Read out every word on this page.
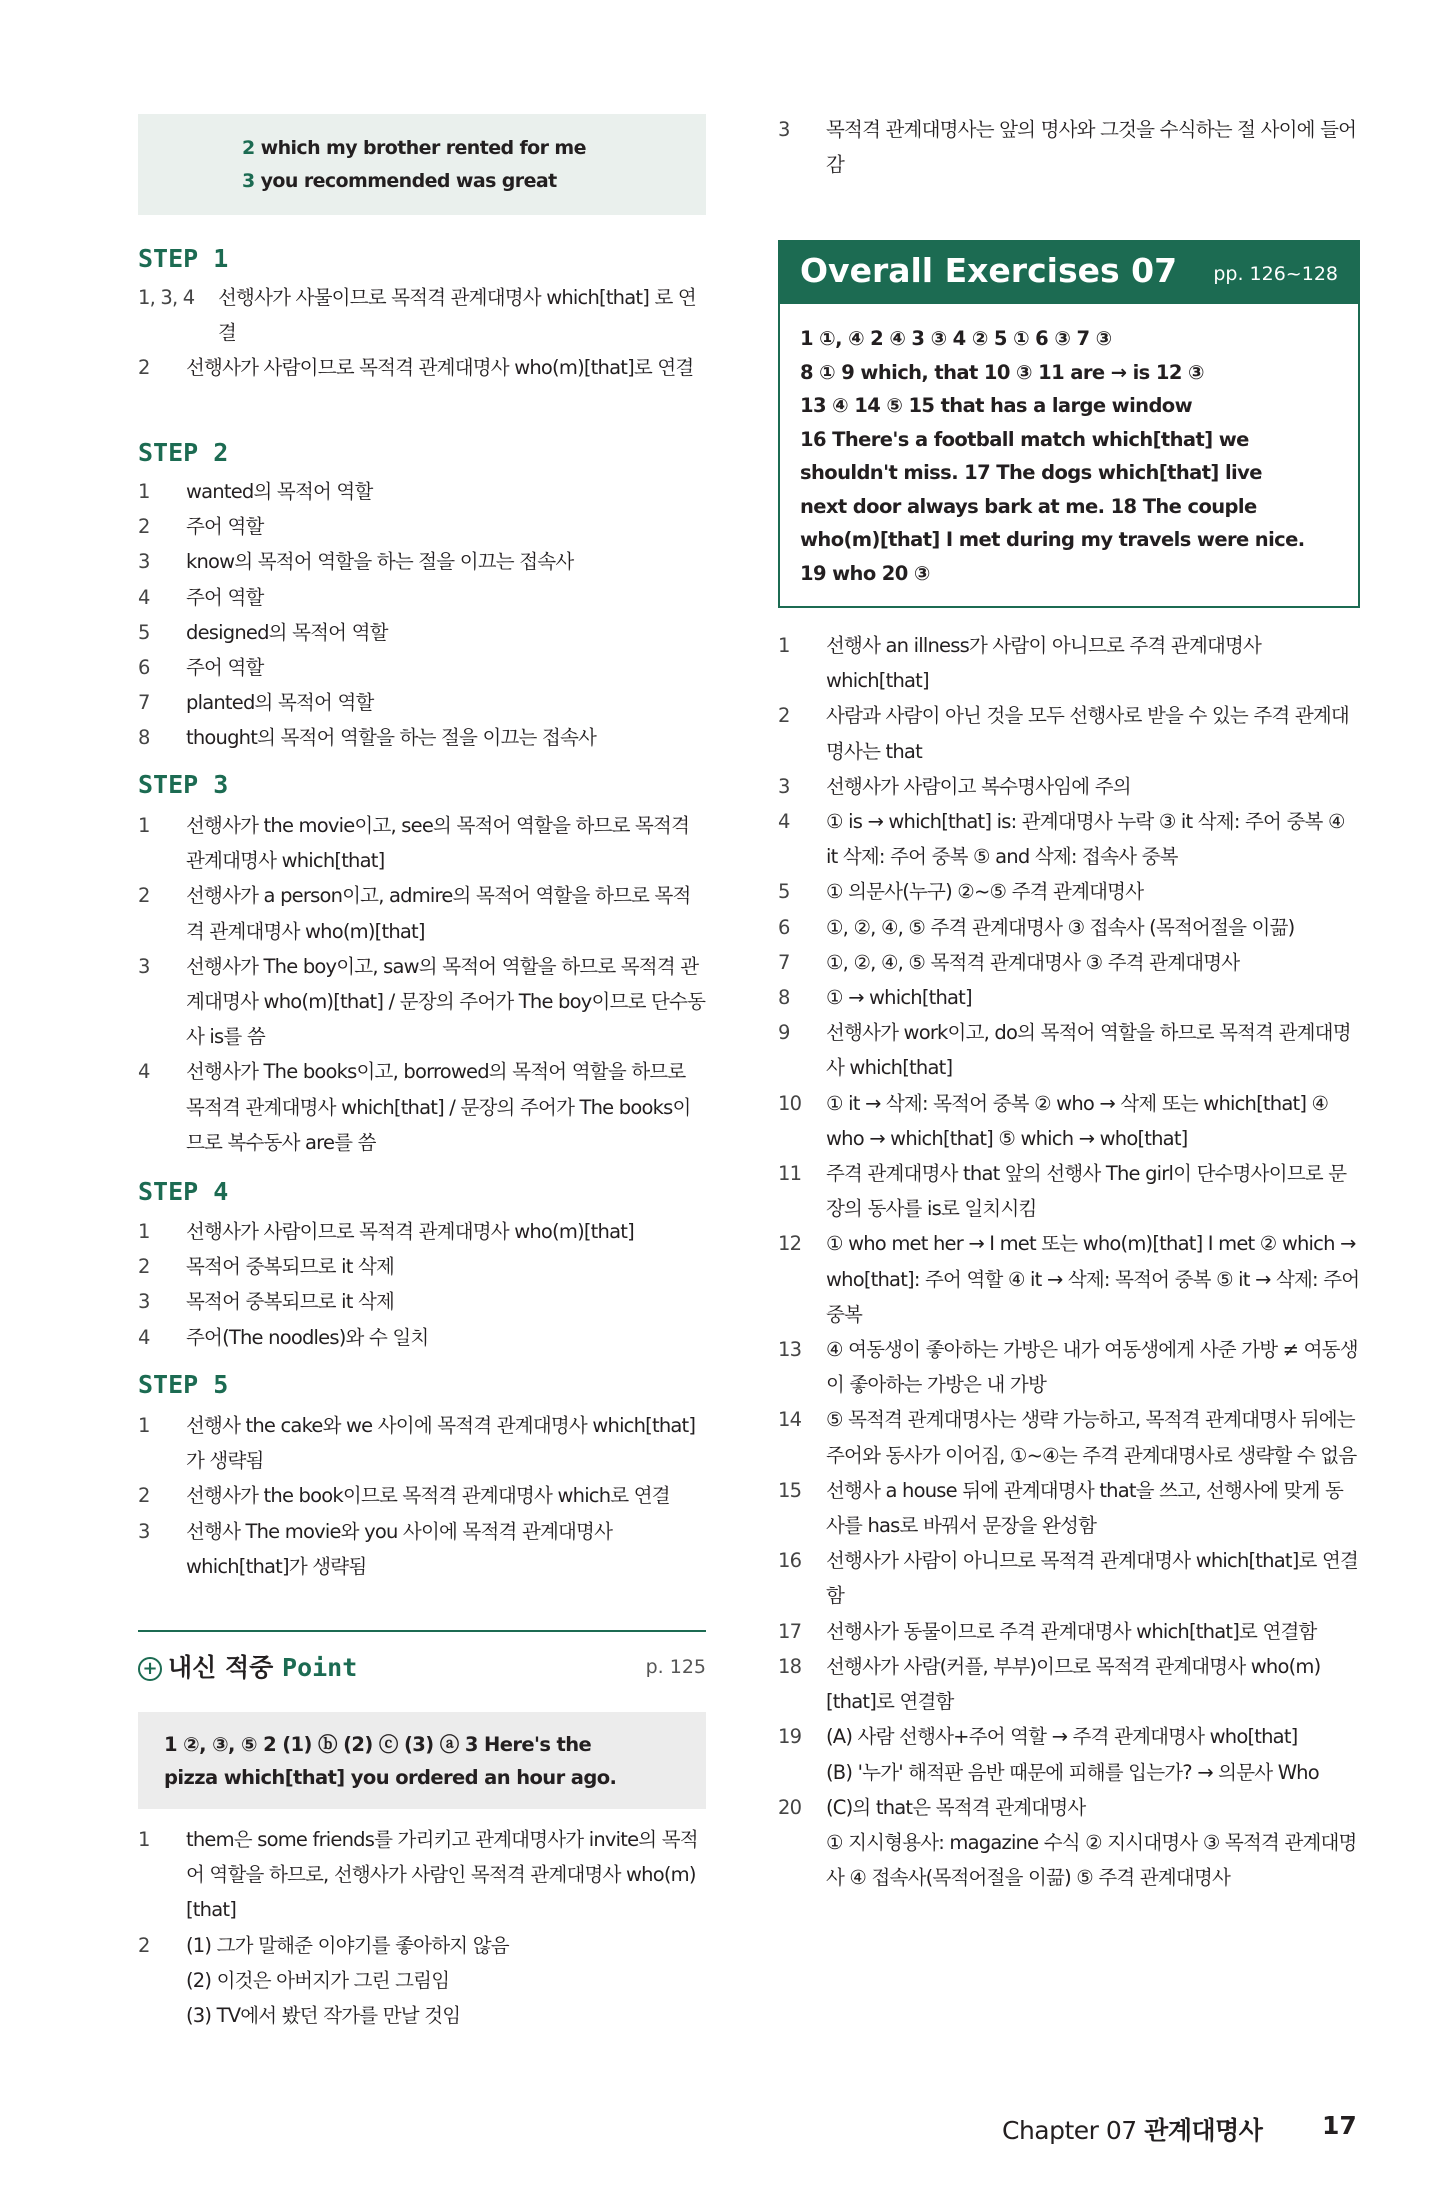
2 which my brother rented for me
3 you recommended was great
STEP 1
1, 3, 4	선행사가 사물이므로 목적격 관계대명사 which[that] 로 연결
2	선행사가 사람이므로 목적격 관계대명사 who(m)[that]로 연결
STEP 2
1	wanted의 목적어 역할
2	주어 역할
3	know의 목적어 역할을 하는 절을 이끄는 접속사
4	주어 역할
5	designed의 목적어 역할
6	주어 역할
7	planted의 목적어 역할
8	thought의 목적어 역할을 하는 절을 이끄는 접속사
STEP 3
1	선행사가 the movie이고, see의 목적어 역할을 하므로 목적격 관계대명사 which[that]
2	선행사가 a person이고, admire의 목적어 역할을 하므로 목적격 관계대명사 who(m)[that]
3	선행사가 The boy이고, saw의 목적어 역할을 하므로 목적격 관계대명사 who(m)[that] / 문장의 주어가 The boy이므로 단수동사 is를 씀
4	선행사가 The books이고, borrowed의 목적어 역할을 하므로 목적격 관계대명사 which[that] / 문장의 주어가 The books이므로 복수동사 are를 씀
STEP 4
1	선행사가 사람이므로 목적격 관계대명사 who(m)[that]
2	목적어 중복되므로 it 삭제
3	목적어 중복되므로 it 삭제
4	주어(The noodles)와 수 일치
STEP 5
1	선행사 the cake와 we 사이에 목적격 관계대명사 which[that]가 생략됨
2	선행사가 the book이므로 목적격 관계대명사 which로 연결
3	선행사 The movie와 you 사이에 목적격 관계대명사 which[that]가 생략됨
+ 내신 적중 Point	p. 125
1 ②, ③, ⑤ 2 (1) ⓑ (2) ⓒ (3) ⓐ 3 Here's the
pizza which[that] you ordered an hour ago.
1	them은 some friends를 가리키고 관계대명사가 invite의 목적어 역할을 하므로, 선행사가 사람인 목적격 관계대명사 who(m)[that]
2	(1) 그가 말해준 이야기를 좋아하지 않음
(2) 이것은 아버지가 그린 그림임
(3) TV에서 봤던 작가를 만날 것임
3	목적격 관계대명사는 앞의 명사와 그것을 수식하는 절 사이에 들어감
Overall Exercises 07 pp. 126~128
1 ①, ④ 2 ④ 3 ③ 4 ② 5 ① 6 ③ 7 ③
8 ① 9 which, that 10 ③ 11 are → is 12 ③
13 ④ 14 ⑤ 15 that has a large window
16 There's a football match which[that] we
shouldn't miss. 17 The dogs which[that] live
next door always bark at me. 18 The couple
who(m)[that] I met during my travels were nice.
19 who 20 ③
1	선행사 an illness가 사람이 아니므로 주격 관계대명사 which[that]
2	사람과 사람이 아닌 것을 모두 선행사로 받을 수 있는 주격 관계대명사는 that
3	선행사가 사람이고 복수명사임에 주의
4	① is → which[that] is: 관계대명사 누락 ③ it 삭제: 주어 중복 ④ it 삭제: 주어 중복 ⑤ and 삭제: 접속사 중복
5	① 의문사(누구) ②~⑤ 주격 관계대명사
6	①, ②, ④, ⑤ 주격 관계대명사 ③ 접속사 (목적어절을 이끎)
7	①, ②, ④, ⑤ 목적격 관계대명사 ③ 주격 관계대명사
8	① → which[that]
9	선행사가 work이고, do의 목적어 역할을 하므로 목적격 관계대명사 which[that]
10	① it → 삭제: 목적어 중복 ② who → 삭제 또는 which[that] ④ who → which[that] ⑤ which → who[that]
11	주격 관계대명사 that 앞의 선행사 The girl이 단수명사이므로 문장의 동사를 is로 일치시킴
12	① who met her → I met 또는 who(m)[that] I met ② which → who[that]: 주어 역할 ④ it → 삭제: 목적어 중복 ⑤ it → 삭제: 주어 중복
13	④ 여동생이 좋아하는 가방은 내가 여동생에게 사준 가방 ≠ 여동생이 좋아하는 가방은 내 가방
14	⑤ 목적격 관계대명사는 생략 가능하고, 목적격 관계대명사 뒤에는 주어와 동사가 이어짐, ①~④는 주격 관계대명사로 생략할 수 없음
15	선행사 a house 뒤에 관계대명사 that을 쓰고, 선행사에 맞게 동사를 has로 바꿔서 문장을 완성함
16	선행사가 사람이 아니므로 목적격 관계대명사 which[that]로 연결함
17	선행사가 동물이므로 주격 관계대명사 which[that]로 연결함
18	선행사가 사람(커플, 부부)이므로 목적격 관계대명사 who(m)[that]로 연결함
19	(A) 사람 선행사+주어 역할 → 주격 관계대명사 who[that]
(B) '누가' 해적판 음반 때문에 피해를 입는가? → 의문사 Who
20	(C)의 that은 목적격 관계대명사
① 지시형용사: magazine 수식 ② 지시대명사 ③ 목적격 관계대명사 ④ 접속사(목적어절을 이끎) ⑤ 주격 관계대명사
Chapter 07 관계대명사 17
